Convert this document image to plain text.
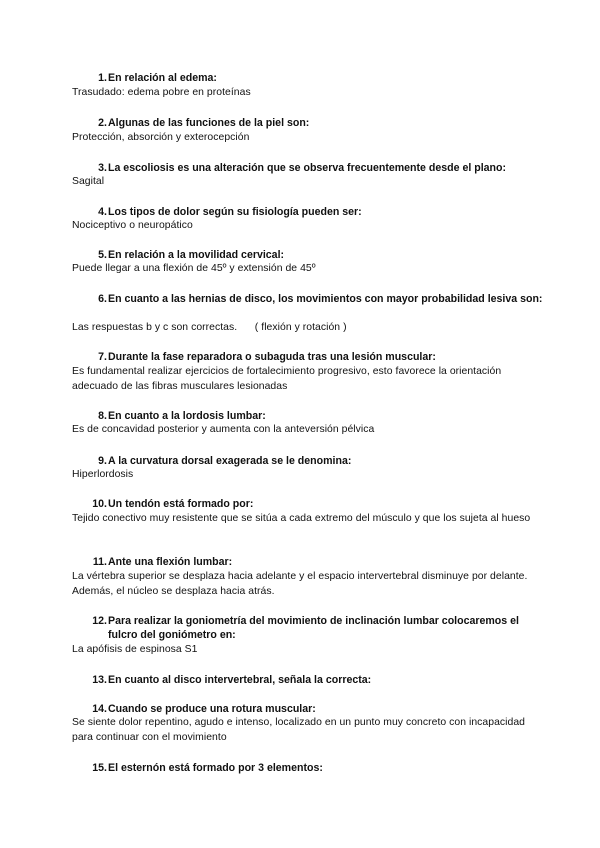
1. En relación al edema:
Trasudado: edema pobre en proteínas
2. Algunas de las funciones de la piel son:
Protección, absorción y exterocepción
3. La escoliosis es una alteración que se observa frecuentemente desde el plano:
Sagital
4. Los tipos de dolor según su fisiología pueden ser:
Nociceptivo o neuropático
5. En relación a la movilidad cervical:
Puede llegar a una flexión de 45º y extensión de 45º
6. En cuanto a las hernias de disco, los movimientos con mayor probabilidad lesiva son:
Las respuestas b y c son correctas.      ( flexión y rotación )
7. Durante la fase reparadora o subaguda tras una lesión muscular:
Es fundamental realizar ejercicios de fortalecimiento progresivo, esto favorece la orientación adecuado de las fibras musculares lesionadas
8. En cuanto a la lordosis lumbar:
Es de concavidad posterior y aumenta con la anteversión pélvica
9. A la curvatura dorsal exagerada se le denomina:
Hiperlordosis
10. Un tendón está formado por:
Tejido conectivo muy resistente que se sitúa a cada extremo del músculo y que los sujeta al hueso
11. Ante una flexión lumbar:
La vértebra superior se desplaza hacia adelante y el espacio intervertebral disminuye por delante. Además, el núcleo se desplaza hacia atrás.
12. Para realizar la goniometría del movimiento de inclinación lumbar colocaremos el fulcro del goniómetro en:
La apófisis de espinosa S1
13. En cuanto al disco intervertebral, señala la correcta:
14. Cuando se produce una rotura muscular:
Se siente dolor repentino, agudo e intenso, localizado en un punto muy concreto con incapacidad para continuar con el movimiento
15. El esternón está formado por 3 elementos:
